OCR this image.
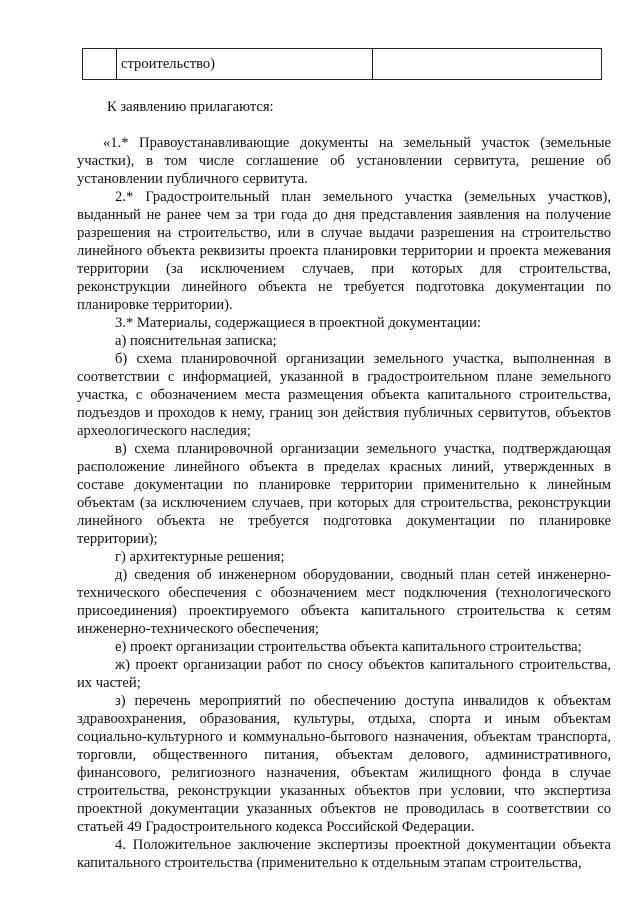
	строительство)	
К заявлению прилагаются:

«1.* Правоустанавливающие документы на земельный участок (земельные участки), в том числе соглашение об установлении сервитута, решение об установлении публичного сервитута.

2.* Градостроительный план земельного участка (земельных участков), выданный не ранее чем за три года до дня представления заявления на получение разрешения на строительство, или в случае выдачи разрешения на строительство линейного объекта реквизиты проекта планировки территории и проекта межевания территории (за исключением случаев, при которых для строительства, реконструкции линейного объекта не требуется подготовка документации по планировке территории).

3.* Материалы, содержащиеся в проектной документации:

а) пояснительная записка;

б) схема планировочной организации земельного участка, выполненная в соответствии с информацией, указанной в градостроительном плане земельного участка, с обозначением места размещения объекта капитального строительства, подъездов и проходов к нему, границ зон действия публичных сервитутов, объектов археологического наследия;

в) схема планировочной организации земельного участка, подтверждающая расположение линейного объекта в пределах красных линий, утвержденных в составе документации по планировке территории применительно к линейным объектам (за исключением случаев, при которых для строительства, реконструкции линейного объекта не требуется подготовка документации по планировке территории);

г) архитектурные решения;

д) сведения об инженерном оборудовании, сводный план сетей инженерно-технического обеспечения с обозначением мест подключения (технологического присоединения) проектируемого объекта капитального строительства к сетям инженерно-технического обеспечения;

е) проект организации строительства объекта капитального строительства;

ж) проект организации работ по сносу объектов капитального строительства, их частей;

з) перечень мероприятий по обеспечению доступа инвалидов к объектам здравоохранения, образования, культуры, отдыха, спорта и иным объектам социально-культурного и коммунально-бытового назначения, объектам транспорта, торговли, общественного питания, объектам делового, административного, финансового, религиозного назначения, объектам жилищного фонда в случае строительства, реконструкции указанных объектов при условии, что экспертиза проектной документации указанных объектов не проводилась в соответствии со статьей 49 Градостроительного кодекса Российской Федерации.

4. Положительное заключение экспертизы проектной документации объекта капитального строительства (применительно к отдельным этапам строительства,
